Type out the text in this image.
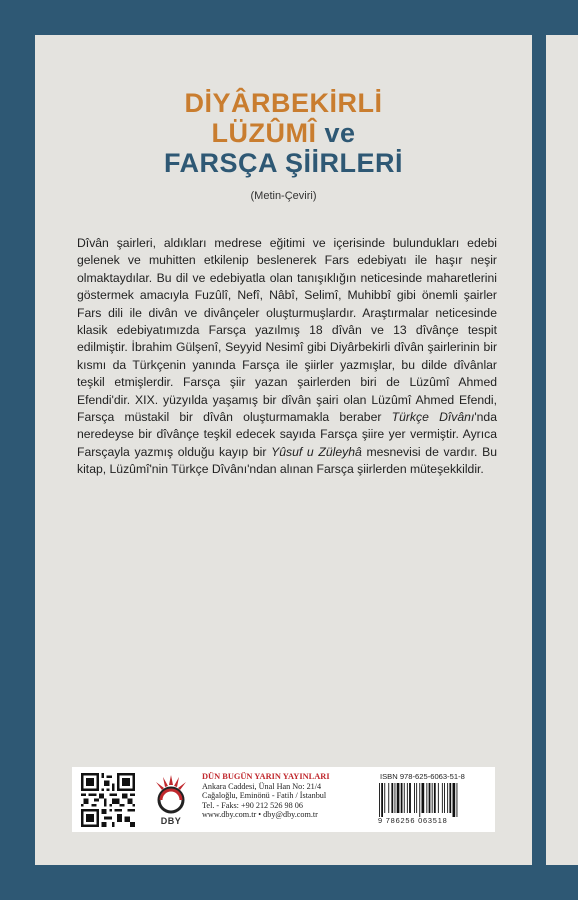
DİYÂRBEKİRLİ
LÜZÛMÎ ve
FARSÇA ŞİİRLERİ
(Metin-Çeviri)

Dîvân şairleri, aldıkları medrese eğitimi ve içerisinde bulundukları edebi gelenek ve muhitten etkilenip beslenerek Fars edebiyatı ile haşır neşir olmaktaydılar. Bu dil ve edebiyatla olan tanışıklığın neticesinde maharetlerini göstermek amacıyla Fuzûlî, Nefî, Nâbî, Selimî, Muhibbî gibi önemli şairler Fars dili ile divân ve divânçeler oluşturmuşlardır. Araştırmalar neticesinde klasik edebiyatımızda Farsça yazılmış 18 dîvân ve 13 dîvânçe tespit edilmiştir. İbrahim Gülşenî, Seyyid Nesimî gibi Diyârbekirli dîvân şairlerinin bir kısmı da Türkçenin yanında Farsça ile şiirler yazmışlar, bu dilde dîvânlar teşkil etmişlerdir. Farsça şiir yazan şairlerden biri de Lüzûmî Ahmed Efendi'dir. XIX. yüzyılda yaşamış bir dîvân şairi olan Lüzûmî Ahmed Efendi, Farsça müstakil bir dîvân oluşturmamakla beraber Türkçe Dîvânı'nda neredeyse bir dîvânçe teşkil edecek sayıda Farsça şiire yer vermiştir. Ayrıca Farsçayla yazmış olduğu kayıp bir Yûsuf u Züleyhâ mesnevisi de vardır. Bu kitap, Lüzûmî'nin Türkçe Dîvânı'ndan alınan Farsça şiirlerden müteşekkildir.

DBY
DÜN BUGÜN YARIN YAYINLARI
Ankara Caddesi, Ünal Han No: 21/4
Cağaloğlu, Eminönü - Fatih / İstanbul
Tel. - Faks: +90 212 526 98 06
www.dby.com.tr • dby@dby.com.tr
ISBN 978-625-6063-51-8
9 786256 063518
